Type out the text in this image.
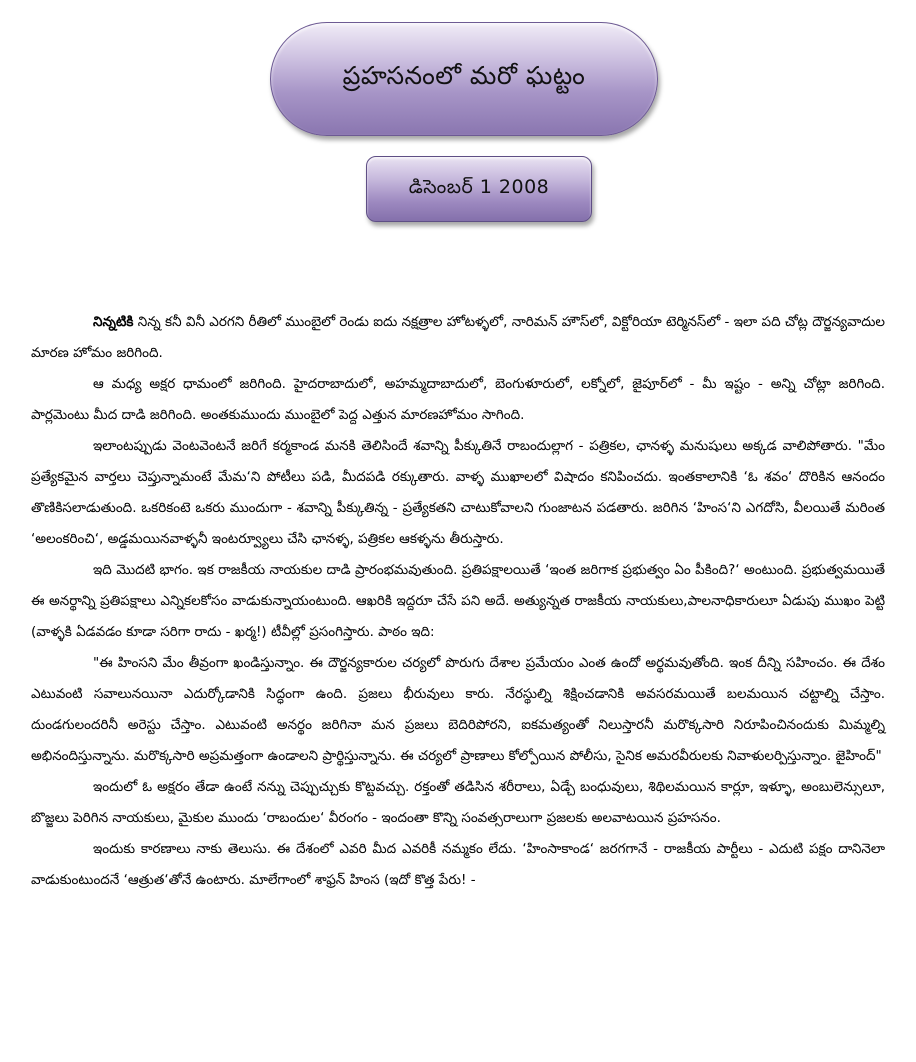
ప్రహసనంలో మరో ఘట్టం
డిసెంబర్ 1 2008

నిన్నటికి నిన్న కనీ వినీ ఎరగని రీతిలో ముంబైలో రెండు ఐదు నక్షత్రాల హోటళ్ళలో, నారిమన్ హౌస్‌లో, విక్టోరియా టెర్మినస్‌లో - ఇలా పది చోట్ల దౌర్జన్యవాదుల మారణ హోమం జరిగింది.

ఆ మధ్య అక్షర ధామంలో జరిగింది. హైదరాబాదులో, అహమ్మదాబాదులో, బెంగుళూరులో, లక్నోలో, జైపూర్‌లో - మీ ఇష్టం - అన్ని చోట్లా జరిగింది. పార్లమెంటు మీద దాడి జరిగింది. అంతకుముందు ముంబైలో పెద్ద ఎత్తున మారణహోమం సాగింది.

ఇలాంటప్పుడు వెంటవెంటనే జరిగే కర్మకాండ మనకి తెలిసిందే శవాన్ని పీక్కుతినే రాబందుల్లాగ - పత్రికల, ఛానళ్ళ మనుషులు అక్కడ వాలిపోతారు. "మేం ప్రత్యేకమైన వార్తలు చెప్తున్నామంటే మేమ‘ని పోటీలు పడి, మీదపడి రక్కుతారు. వాళ్ళ ముఖాలలో విషాదం కనిపించదు. ఇంతకాలానికి ‘ఓ శవం‘ దొరికిన ఆనందం తొణికిసలాడుతుంది. ఒకరికంటె ఒకరు ముందుగా - శవాన్ని పీక్కుతిన్న - ప్రత్యేకతని చాటుకోవాలని గుంజాటన పడతారు. జరిగిన ‘హింస‘ని ఎగదోసి, వీలయితే మరింత ‘అలంకరించి‘, అడ్డమయినవాళ్ళనీ ఇంటర్వ్యూలు చేసి ఛానళ్ళ, పత్రికల ఆకళ్ళను తీరుస్తారు.

ఇది మొదటి భాగం. ఇక రాజకీయ నాయకుల దాడి ప్రారంభమవుతుంది. ప్రతిపక్షాలయితే ‘ఇంత జరిగాక ప్రభుత్వం ఏం పీకింది?‘ అంటుంది. ప్రభుత్వమయితే ఈ అనర్థాన్ని ప్రతిపక్షాలు ఎన్నికలకోసం వాడుకున్నాయంటుంది. ఆఖరికి ఇద్దరూ చేసే పని అదే. అత్యున్నత రాజకీయ నాయకులు,పాలనాధికారులూ ఏడుపు ముఖం పెట్టి (వాళ్ళకి ఏడవడం కూడా సరిగా రాదు - ఖర్మ!) టీవీల్లో ప్రసంగిస్తారు. పాఠం ఇది:

"ఈ హింసని మేం తీవ్రంగా ఖండిస్తున్నాం. ఈ దౌర్జన్యకారుల చర్యలో పొరుగు దేశాల ప్రమేయం ఎంత ఉందో అర్థమవుతోంది. ఇంక దీన్ని సహించం. ఈ దేశం ఎటువంటి సవాలునయినా ఎదుర్కోడానికి సిద్ధంగా ఉంది. ప్రజలు భీరువులు కారు. నేరస్థుల్ని శిక్షించడానికి అవసరమయితే బలమయిన చట్టాల్ని చేస్తాం. దుండగులందరినీ అరెస్టు చేస్తాం. ఎటువంటి అనర్థం జరిగినా మన ప్రజలు బెదిరిపోరని, ఐకమత్యంతో నిలుస్తారనీ మరొక్కసారి నిరూపించినందుకు మిమ్మల్ని అభినందిస్తున్నాను. మరొక్కసారి అప్రమత్తంగా ఉండాలని ప్రార్థిస్తున్నాను. ఈ చర్యలో ప్రాణాలు కోల్పోయిన పోలీసు, సైనిక అమరవీరులకు నివాళులర్పిస్తున్నాం. జైహింద్"

ఇందులో ఓ అక్షరం తేడా ఉంటే నన్ను చెప్పుచ్చుకు కొట్టవచ్చు. రక్తంతో తడిసిన శరీరాలు, ఏడ్చే బంధువులు, శిథిలమయిన కార్లూ, ఇళ్ళూ, అంబులెన్సులూ, బొజ్జలు పెరిగిన నాయకులు, మైకుల ముందు ‘రాబందుల‘ వీరంగం - ఇందంతా కొన్ని సంవత్సరాలుగా ప్రజలకు అలవాటయిన ప్రహసనం.

ఇందుకు కారణాలు నాకు తెలుసు. ఈ దేశంలో ఎవరి మీద ఎవరికీ నమ్మకం లేదు. ‘హింసాకాండ‘ జరగగానే - రాజకీయ పార్టీలు - ఎదుటి పక్షం దానినెలా వాడుకుంటుందనే ‘ఆత్రుత‘తోనే ఉంటారు. మాలేగాంలో శాఫ్రన్ హింస (ఇదో కొత్త పేరు! -
